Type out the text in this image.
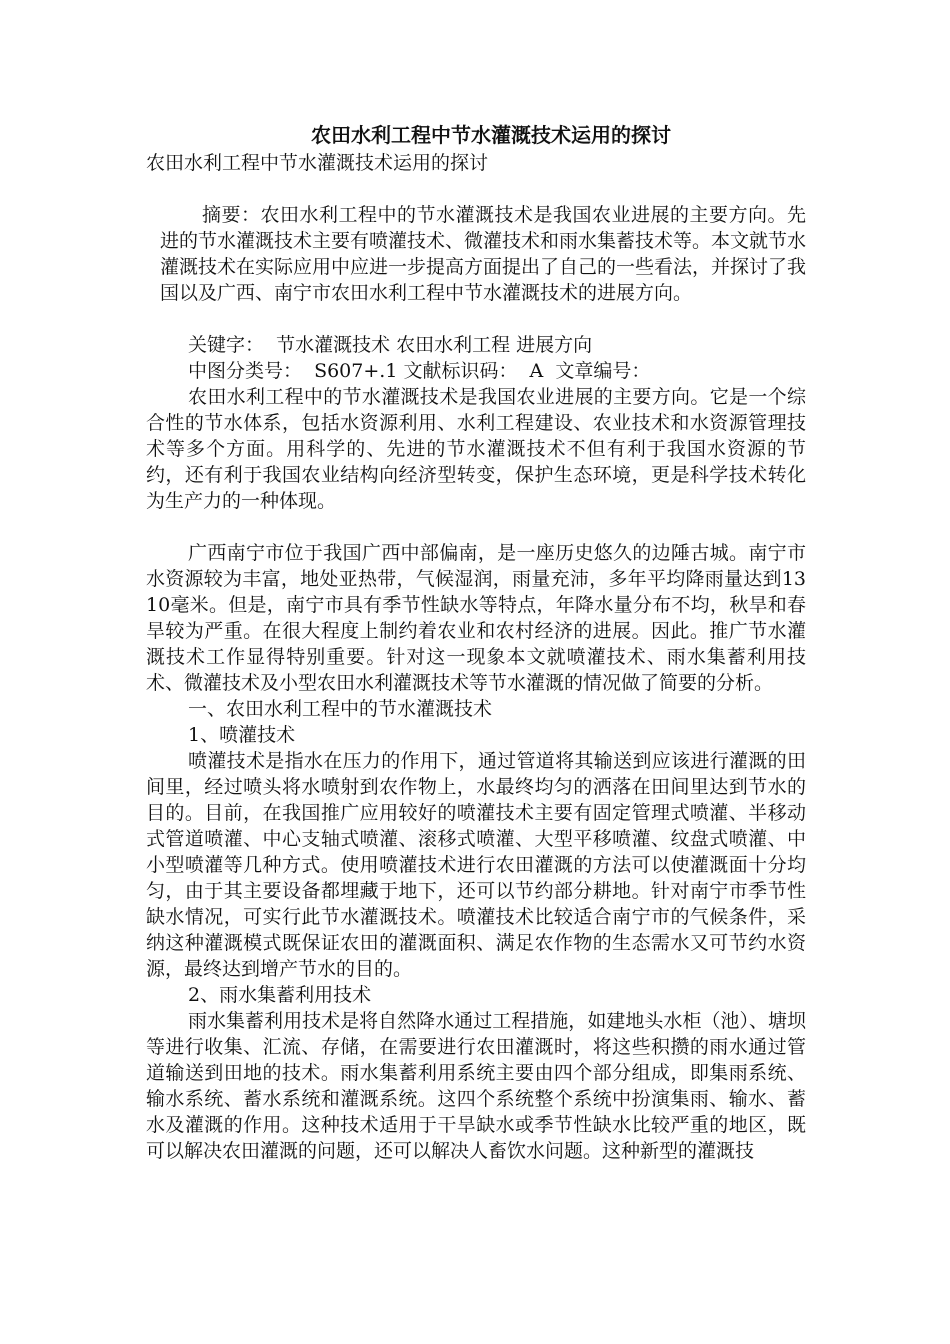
农田水利工程中节水灌溉技术运用的探讨

农田水利工程中节水灌溉技术运用的探讨

摘要：农田水利工程中的节水灌溉技术是我国农业进展的主要方向。先进的节水灌溉技术主要有喷灌技术、微灌技术和雨水集蓄技术等。本文就节水灌溉技术在实际应用中应进一步提高方面提出了自己的一些看法，并探讨了我国以及广西、南宁市农田水利工程中节水灌溉技术的进展方向。

关键字：  节水灌溉技术 农田水利工程 进展方向

中图分类号：  S607+.1 文献标识码：  A  文章编号：

农田水利工程中的节水灌溉技术是我国农业进展的主要方向。它是一个综合性的节水体系，包括水资源利用、水利工程建设、农业技术和水资源管理技术等多个方面。用科学的、先进的节水灌溉技术不但有利于我国水资源的节约，还有利于我国农业结构向经济型转变，保护生态环境，更是科学技术转化为生产力的一种体现。

广西南宁市位于我国广西中部偏南，是一座历史悠久的边陲古城。南宁市水资源较为丰富，地处亚热带，气候湿润，雨量充沛，多年平均降雨量达到1310毫米。但是，南宁市具有季节性缺水等特点，年降水量分布不均，秋旱和春旱较为严重。在很大程度上制约着农业和农村经济的进展。因此。推广节水灌溉技术工作显得特别重要。针对这一现象本文就喷灌技术、雨水集蓄利用技术、微灌技术及小型农田水利灌溉技术等节水灌溉的情况做了简要的分析。

一、农田水利工程中的节水灌溉技术

1、喷灌技术

喷灌技术是指水在压力的作用下，通过管道将其输送到应该进行灌溉的田间里，经过喷头将水喷射到农作物上，水最终均匀的洒落在田间里达到节水的目的。目前，在我国推广应用较好的喷灌技术主要有固定管理式喷灌、半移动式管道喷灌、中心支轴式喷灌、滚移式喷灌、大型平移喷灌、纹盘式喷灌、中小型喷灌等几种方式。使用喷灌技术进行农田灌溉的方法可以使灌溉面十分均匀，由于其主要设备都埋藏于地下，还可以节约部分耕地。针对南宁市季节性缺水情况，可实行此节水灌溉技术。喷灌技术比较适合南宁市的气候条件，采纳这种灌溉模式既保证农田的灌溉面积、满足农作物的生态需水又可节约水资源，最终达到增产节水的目的。

2、雨水集蓄利用技术

雨水集蓄利用技术是将自然降水通过工程措施，如建地头水柜（池）、塘坝等进行收集、汇流、存储，在需要进行农田灌溉时，将这些积攒的雨水通过管道输送到田地的技术。雨水集蓄利用系统主要由四个部分组成，即集雨系统、输水系统、蓄水系统和灌溉系统。这四个系统整个系统中扮演集雨、输水、蓄水及灌溉的作用。这种技术适用于干旱缺水或季节性缺水比较严重的地区，既可以解决农田灌溉的问题，还可以解决人畜饮水问题。这种新型的灌溉技
